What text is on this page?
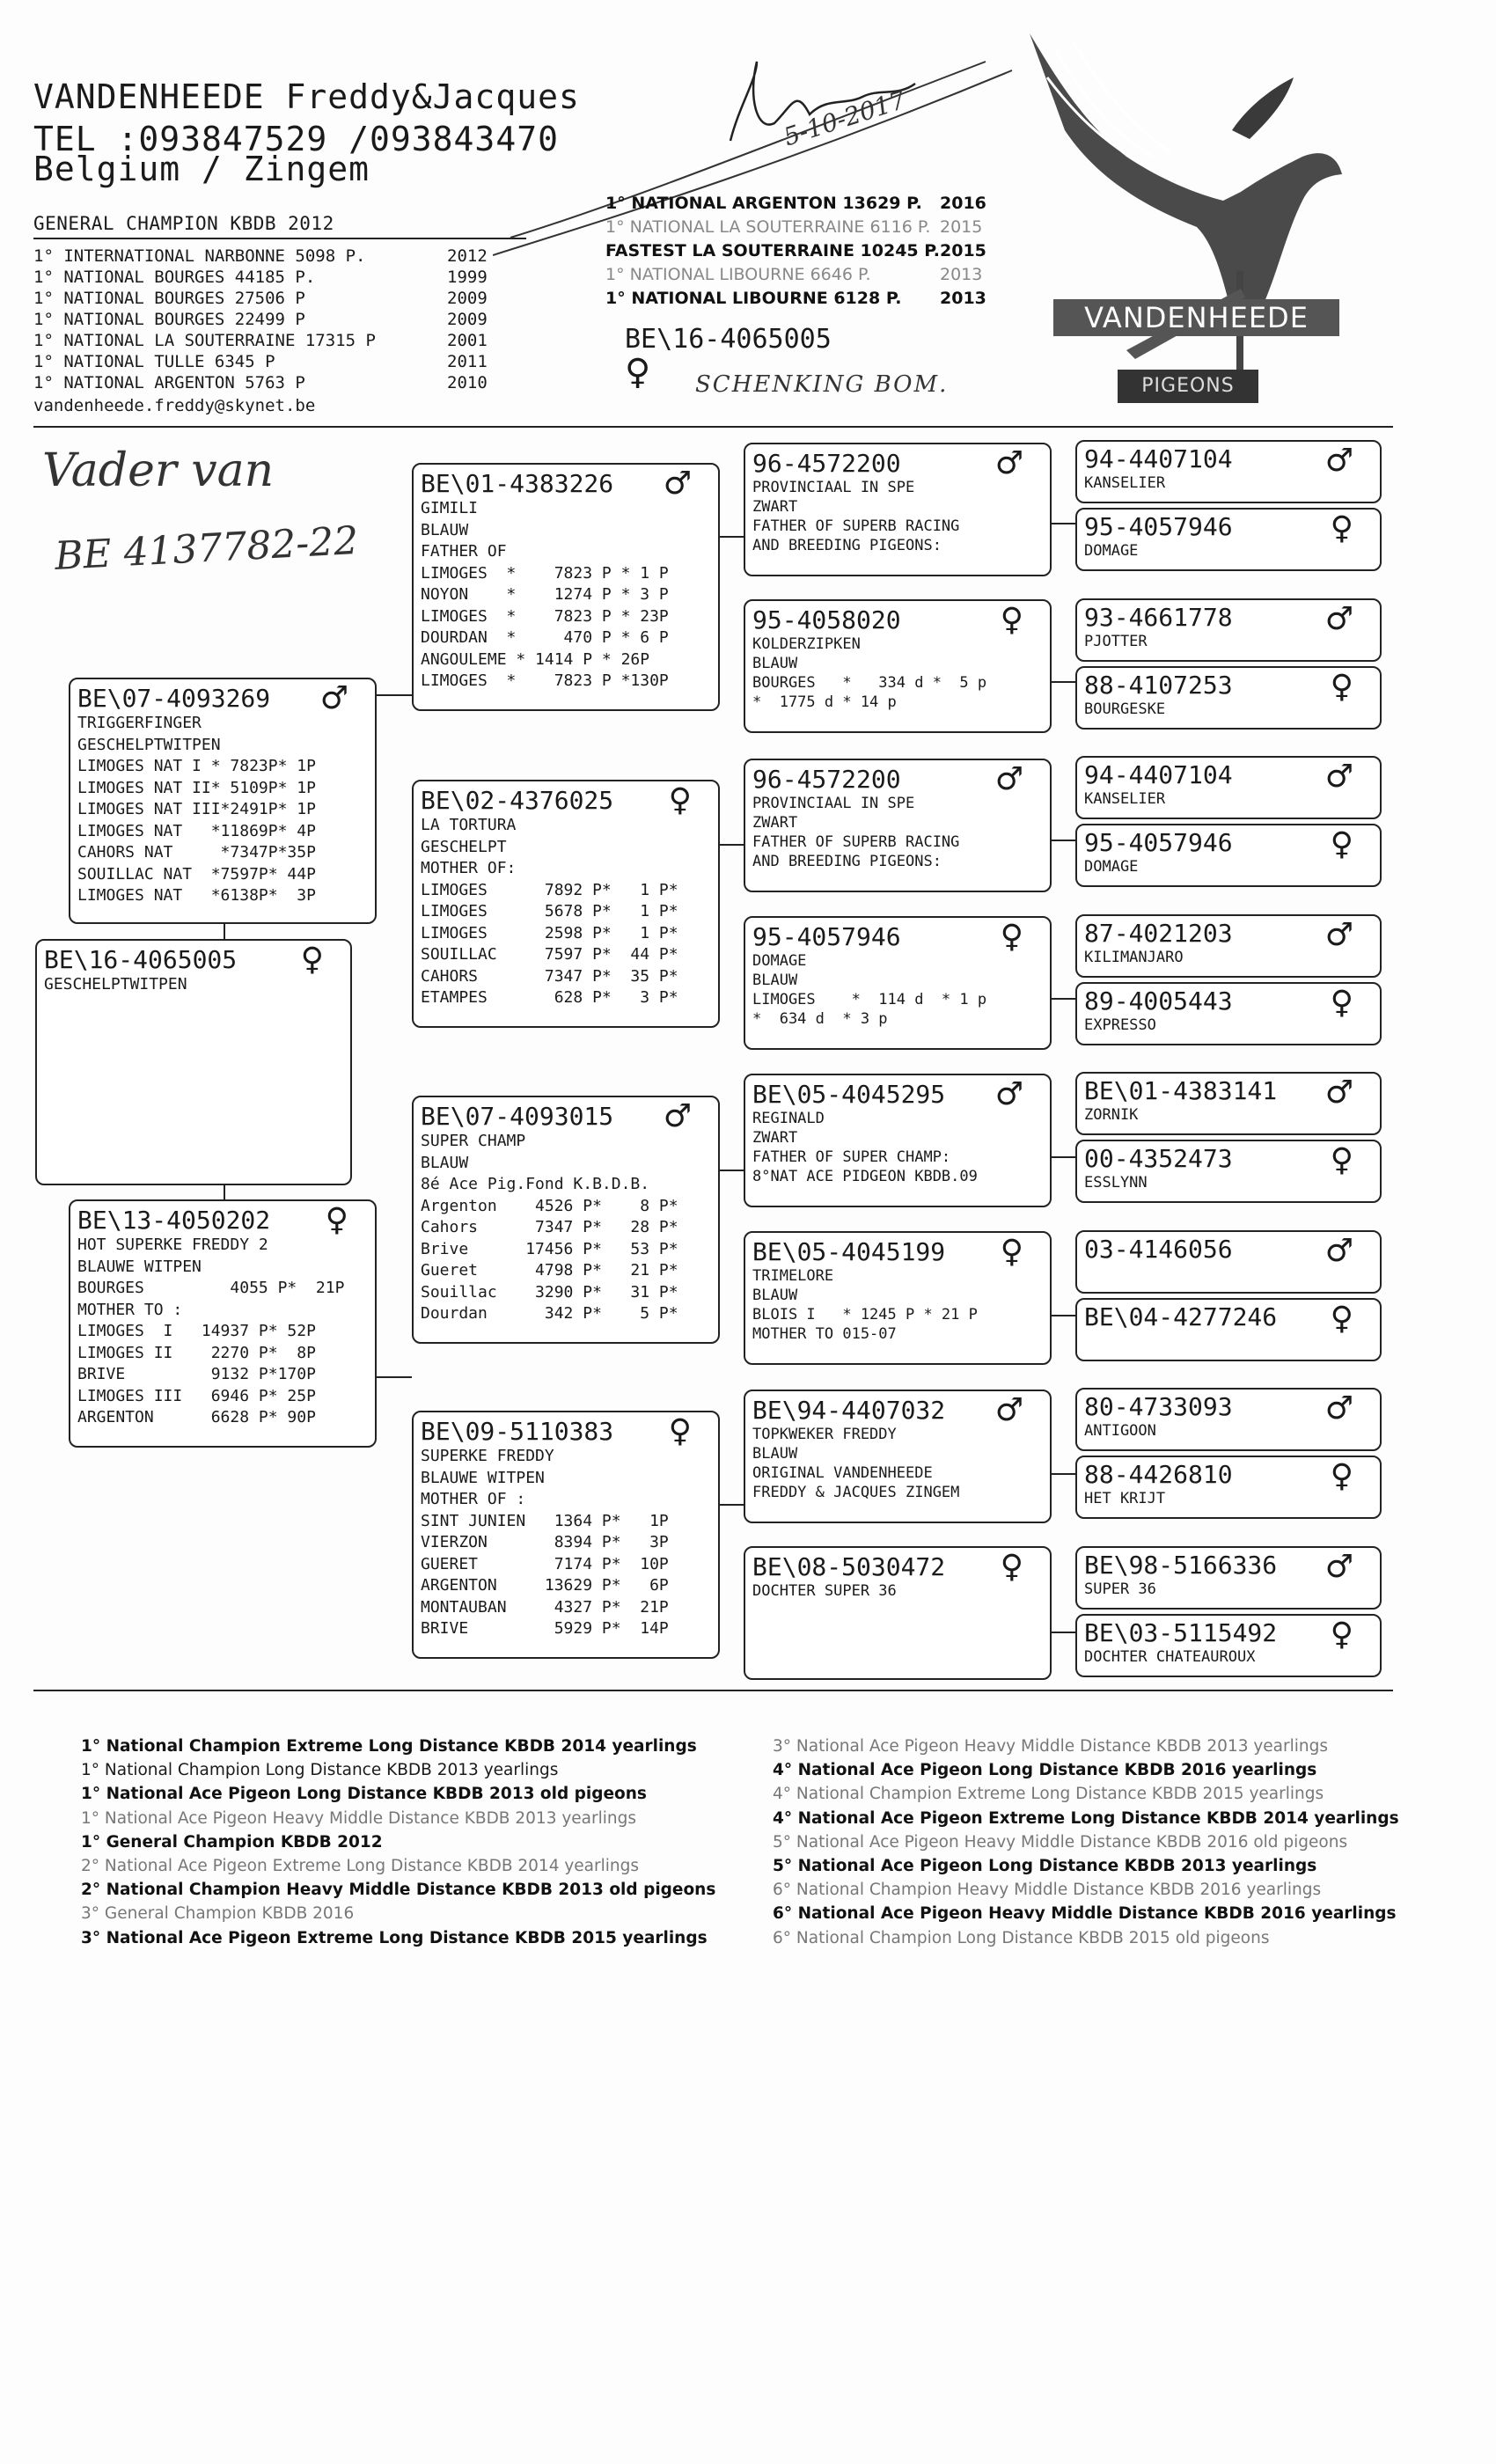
VANDENHEEDE Freddy&Jacques
TEL :093847529 /093843470
Belgium / Zingem
GENERAL CHAMPION KBDB 2012
1° INTERNATIONAL NARBONNE 5098 P.	2012
1° NATIONAL BOURGES 44185 P.	1999
1° NATIONAL BOURGES 27506 P	2009
1° NATIONAL BOURGES 22499 P	2009
1° NATIONAL LA SOUTERRAINE 17315 P	2001
1° NATIONAL TULLE 6345 P	2011
1° NATIONAL ARGENTON 5763 P	2010
vandenheede.freddy@skynet.be
5-10-2017
1° NATIONAL ARGENTON 13629 P. 2016
1° NATIONAL LA SOUTERRAINE 6116 P. 2015
FASTEST LA SOUTERRAINE 10245 P. 2015
1° NATIONAL LIBOURNE 6646 P.	2013
1° NATIONAL LIBOURNE 6128 P. 2013
BE\16-4065005
♀ SCHENKING BOM.
VANDENHEEDE
PIGEONS
Vader van
BE 4137782-22
BE\07-4093269	♂
TRIGGERFINGER
GESCHELPTWITPEN
LIMOGES NAT I * 7823P* 1P
LIMOGES NAT II* 5109P* 1P
LIMOGES NAT III*2491P* 1P
LIMOGES NAT   *11869P* 4P
CAHORS NAT     *7347P*35P
SOUILLAC NAT  *7597P* 44P
LIMOGES NAT   *6138P*  3P
BE\16-4065005	♀
GESCHELPTWITPEN
BE\13-4050202	♀
HOT SUPERKE FREDDY 2
BLAUWE WITPEN
BOURGES         4055 P*  21P
MOTHER TO :
LIMOGES  I   14937 P* 52P
LIMOGES II    2270 P*  8P
BRIVE         9132 P*170P
LIMOGES III   6946 P* 25P
ARGENTON      6628 P* 90P
BE\01-4383226	♂
GIMILI
BLAUW
FATHER OF
LIMOGES  *    7823 P * 1 P
NOYON    *    1274 P * 3 P
LIMOGES  *    7823 P * 23P
DOURDAN  *     470 P * 6 P
ANGOULEME * 1414 P * 26P
LIMOGES  *    7823 P *130P
BE\02-4376025	♀
LA TORTURA
GESCHELPT
MOTHER OF:
LIMOGES      7892 P*   1 P*
LIMOGES      5678 P*   1 P*
LIMOGES      2598 P*   1 P*
SOUILLAC     7597 P*  44 P*
CAHORS       7347 P*  35 P*
ETAMPES       628 P*   3 P*
BE\07-4093015	♂
SUPER CHAMP
BLAUW
8é Ace Pig.Fond K.B.D.B.
Argenton    4526 P*    8 P*
Cahors      7347 P*   28 P*
Brive      17456 P*   53 P*
Gueret      4798 P*   21 P*
Souillac    3290 P*   31 P*
Dourdan      342 P*    5 P*
BE\09-5110383	♀
SUPERKE FREDDY
BLAUWE WITPEN
MOTHER OF :
SINT JUNIEN   1364 P*   1P
VIERZON       8394 P*   3P
GUERET        7174 P*  10P
ARGENTON     13629 P*   6P
MONTAUBAN     4327 P*  21P
BRIVE         5929 P*  14P
96-4572200	♂
PROVINCIAAL IN SPE
ZWART
FATHER OF SUPERB RACING
AND BREEDING PIGEONS:
95-4058020	♀
KOLDERZIPKEN
BLAUW
BOURGES   *   334 d *  5 p
*  1775 d * 14 p
96-4572200	♂
PROVINCIAAL IN SPE
ZWART
FATHER OF SUPERB RACING
AND BREEDING PIGEONS:
95-4057946	♀
DOMAGE
BLAUW
LIMOGES    *  114 d  * 1 p
*  634 d  * 3 p
BE\05-4045295	♂
REGINALD
ZWART
FATHER OF SUPER CHAMP:
8°NAT ACE PIDGEON KBDB.09
BE\05-4045199	♀
TRIMELORE
BLAUW
BLOIS I   * 1245 P * 21 P
MOTHER TO 015-07
BE\94-4407032	♂
TOPKWEKER FREDDY
BLAUW
ORIGINAL VANDENHEEDE
FREDDY & JACQUES ZINGEM
BE\08-5030472	♀
DOCHTER SUPER 36
94-4407104	♂
KANSELIER
95-4057946	♀
DOMAGE
93-4661778	♂
PJOTTER
88-4107253	♀
BOURGESKE
94-4407104	♂
KANSELIER
95-4057946	♀
DOMAGE
87-4021203	♂
KILIMANJARO
89-4005443	♀
EXPRESSO
BE\01-4383141	♂
ZORNIK
00-4352473	♀
ESSLYNN
03-4146056	♂
BE\04-4277246	♀
80-4733093	♂
ANTIGOON
88-4426810	♀
HET KRIJT
BE\98-5166336	♂
SUPER 36
BE\03-5115492	♀
DOCHTER CHATEAUROUX
1° National Champion Extreme Long Distance KBDB 2014 yearlings
1° National Champion Long Distance KBDB 2013 yearlings
1° National Ace Pigeon Long Distance KBDB 2013 old pigeons
1° National Ace Pigeon Heavy Middle Distance KBDB 2013 yearlings
1° General Champion KBDB 2012
2° National Ace Pigeon Extreme Long Distance KBDB 2014 yearlings
2° National Champion Heavy Middle Distance KBDB 2013 old pigeons
3° General Champion KBDB 2016
3° National Ace Pigeon Extreme Long Distance KBDB 2015 yearlings
3° National Ace Pigeon Heavy Middle Distance KBDB 2013 yearlings
4° National Ace Pigeon Long Distance KBDB 2016 yearlings
4° National Champion Extreme Long Distance KBDB 2015 yearlings
4° National Ace Pigeon Extreme Long Distance KBDB 2014 yearlings
5° National Ace Pigeon Heavy Middle Distance KBDB 2016 old pigeons
5° National Ace Pigeon Long Distance KBDB 2013 yearlings
6° National Champion Heavy Middle Distance KBDB 2016 yearlings
6° National Ace Pigeon Heavy Middle Distance KBDB 2016 yearlings
6° National Champion Long Distance KBDB 2015 old pigeons
